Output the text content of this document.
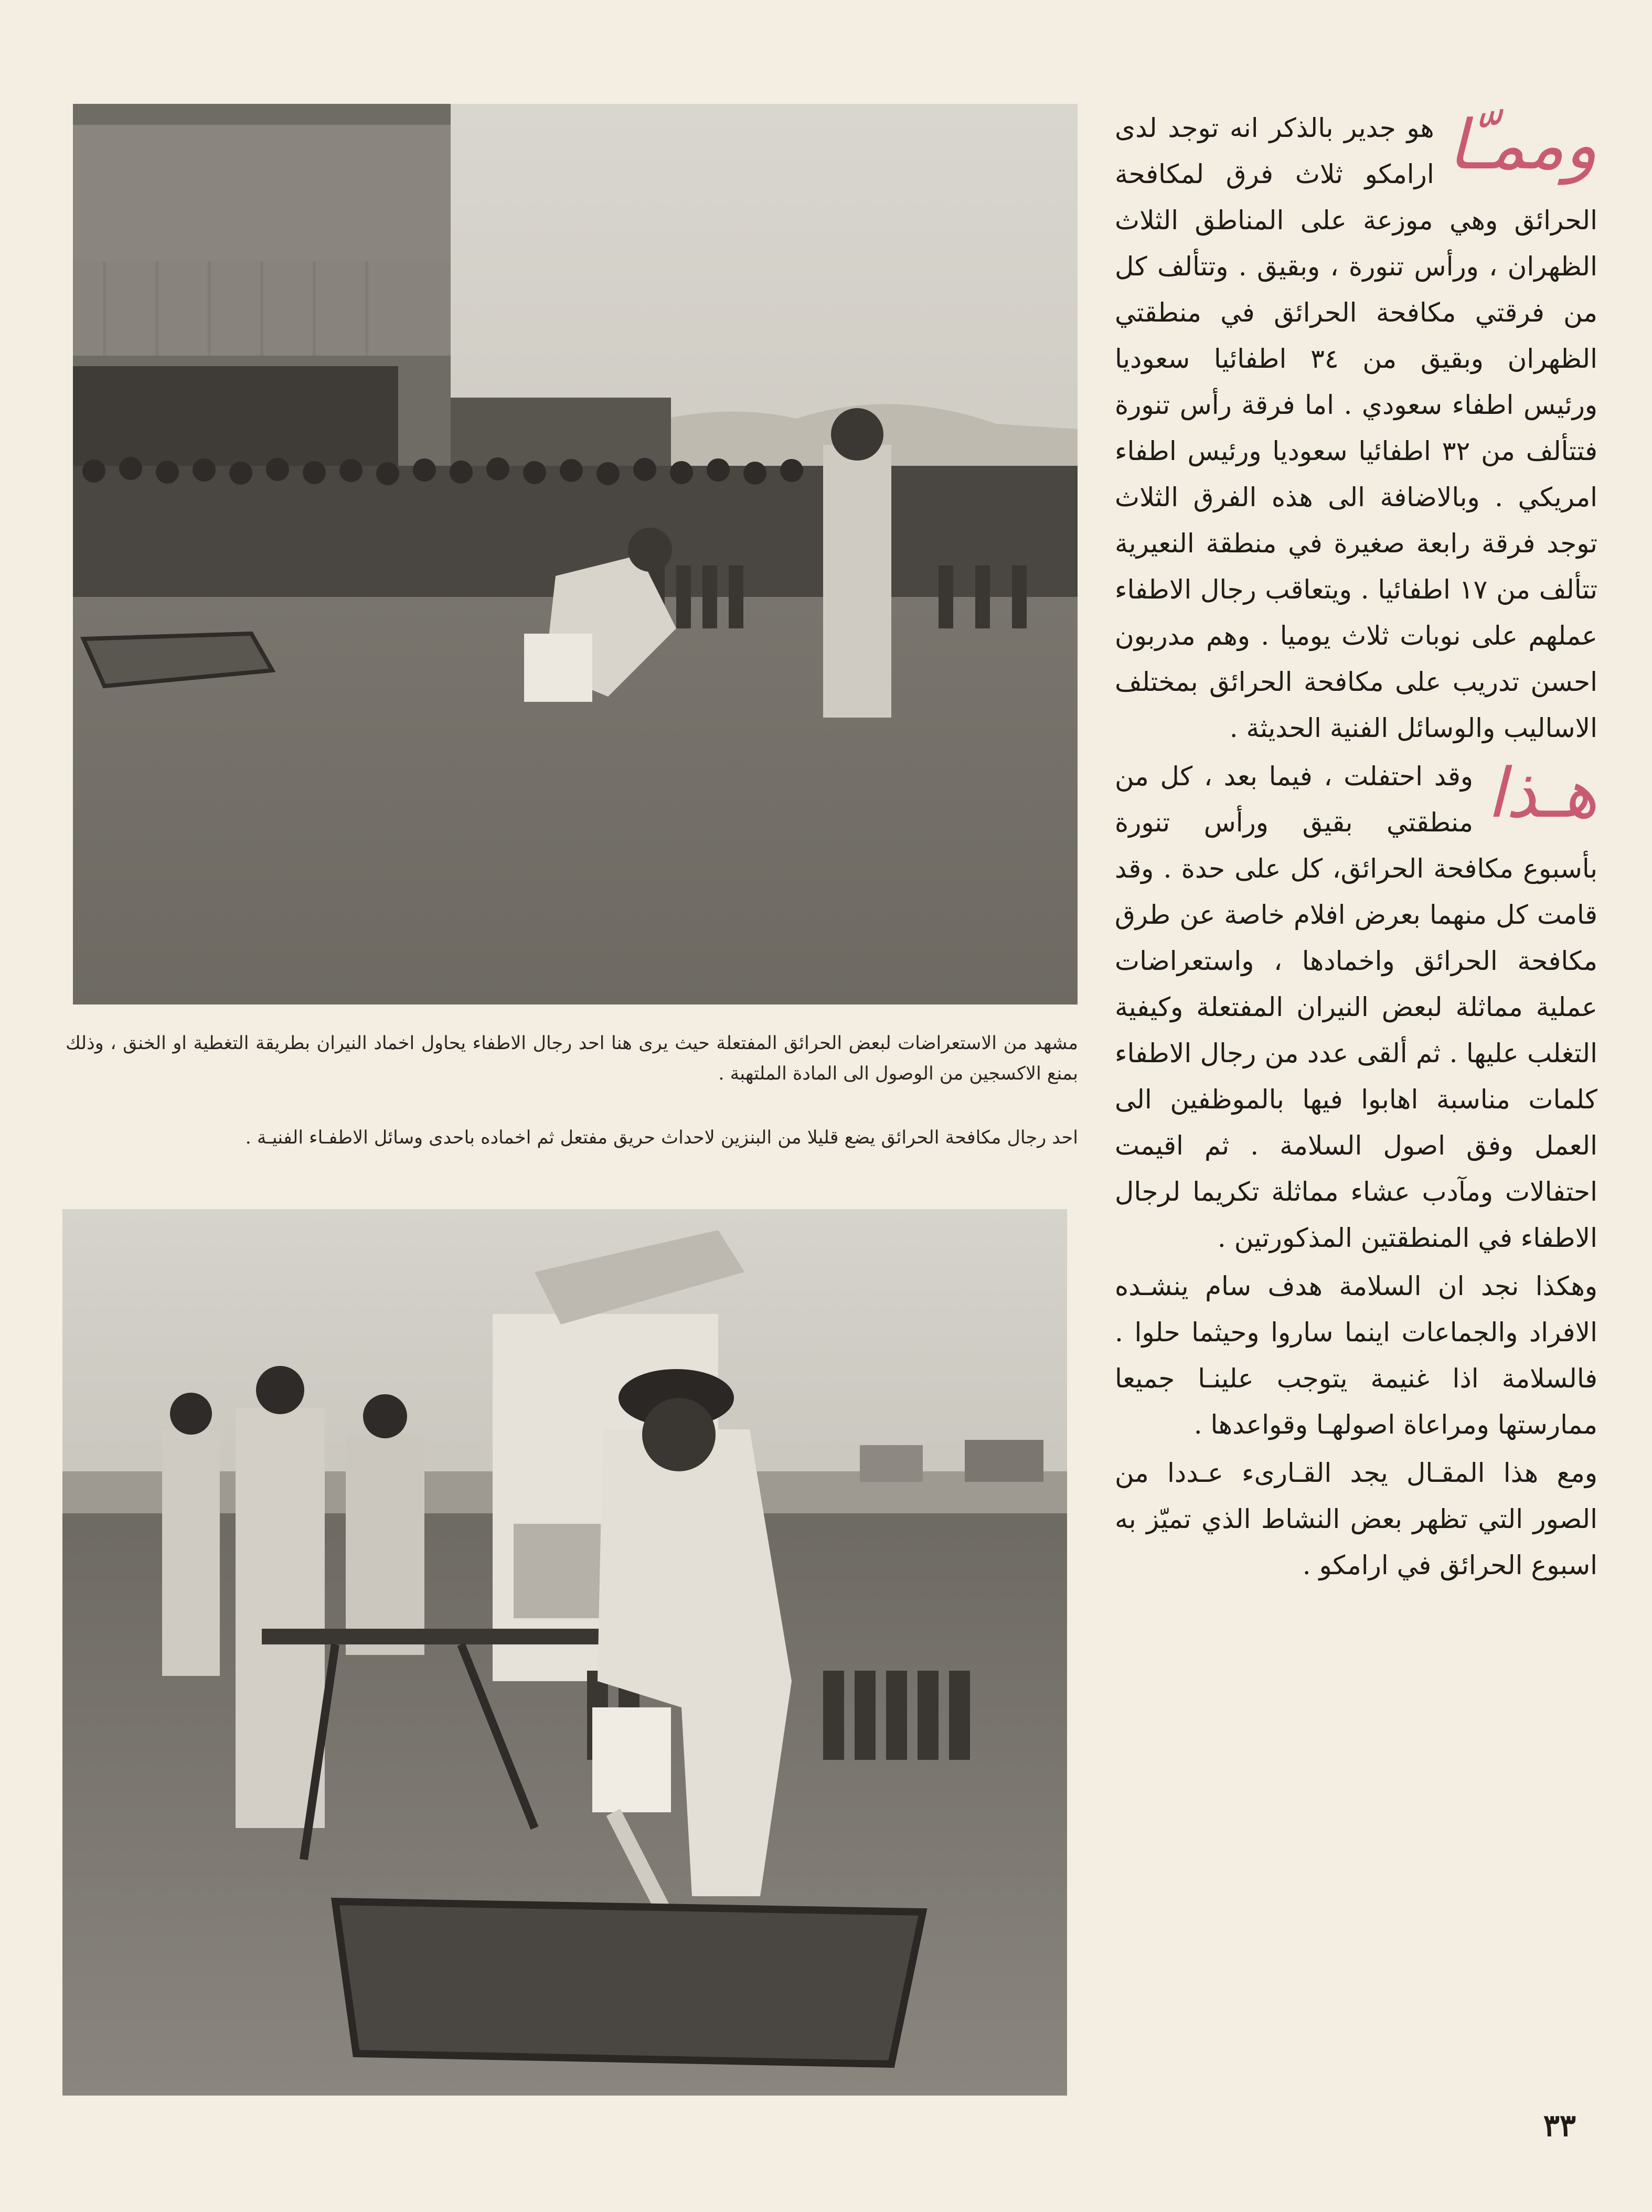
مشهد من الاستعراضات لبعض الحرائق المفتعلة حيث يرى هنا احد رجال الاطفاء يحاول اخماد النيران بطريقة التغطية او الخنق ، وذلك بمنع الاكسجين من الوصول الى المادة الملتهبة .
احد رجال مكافحة الحرائق يضع قليلا من البنزين لاحداث حريق مفتعل ثم اخماده باحدى وسائل الاطفـاء الفنيـة .

وممـّا
هو جدير بالذكر انه توجد لدى ارامكو ثلاث فرق لمكافحة الحرائق وهي موزعة على المناطق الثلاث الظهران ، ورأس تنورة ، وبقيق . وتتألف كل من فرقتي مكافحة الحرائق في منطقتي الظهران وبقيق من ٣٤ اطفائيا سعوديا ورئيس اطفاء سعودي . اما فرقة رأس تنورة فتتألف من ٣٢ اطفائيا سعوديا ورئيس اطفاء امريكي . وبالاضافة الى هذه الفرق الثلاث توجد فرقة رابعة صغيرة في منطقة النعيرية تتألف من ١٧ اطفائيا . ويتعاقب رجال الاطفاء عملهم على نوبات ثلاث يوميا . وهم مدربون احسن تدريب على مكافحة الحرائق بمختلف الاساليب والوسائل الفنية الحديثة .

هـذا
وقد احتفلت ، فيما بعد ، كل من منطقتي بقيق ورأس تنورة بأسبوع مكافحة الحرائق، كل على حدة . وقد قامت كل منهما بعرض افلام خاصة عن طرق مكافحة الحرائق واخمادها ، واستعراضات عملية مماثلة لبعض النيران المفتعلة وكيفية التغلب عليها . ثم ألقى عدد من رجال الاطفاء كلمات مناسبة اهابوا فيها بالموظفين الى العمل وفق اصول السلامة . ثم اقيمت احتفالات ومآدب عشاء مماثلة تكريما لرجال الاطفاء في المنطقتين المذكورتين .

وهكذا نجد ان السلامة هدف سام ينشـده الافراد والجماعات اينما ساروا وحيثما حلوا . فالسلامة اذا غنيمة يتوجب علينـا جميعا ممارستها ومراعاة اصولهـا وقواعدها .

ومع هذا المقـال يجد القـارىء عـددا من الصور التي تظهر بعض النشاط الذي تميّز به اسبوع الحرائق في ارامكو .

٣٣
